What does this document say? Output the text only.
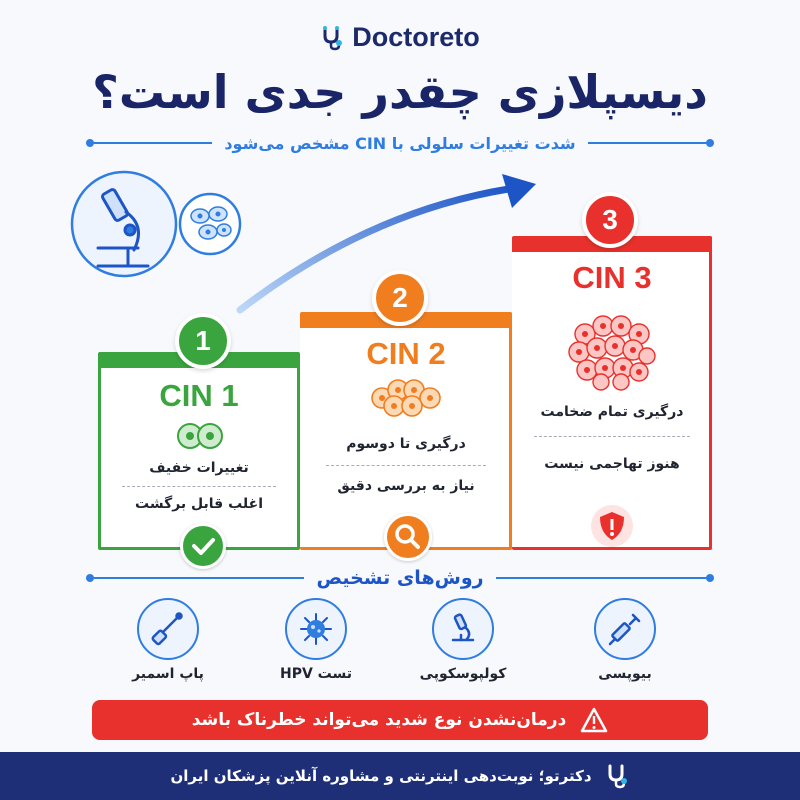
Doctoreto
دیسپلازی چقدر جدی است؟
شدت تغییرات سلولی با CIN مشخص می‌شود
1
2
3
CIN 1
تغییرات خفیف
اغلب قابل برگشت
CIN 2
درگیری تا دوسوم
نیاز به بررسی دقیق
CIN 3
درگیری تمام ضخامت
هنوز تهاجمی نیست
روش‌های تشخیص
بیوپسی
کولپوسکوپی
تست HPV
پاپ اسمیر
درمان‌نشدن نوع شدید می‌تواند خطرناک باشد
دکترتو؛ نوبت‌دهی اینترنتی و مشاوره آنلاین پزشکان ایران
